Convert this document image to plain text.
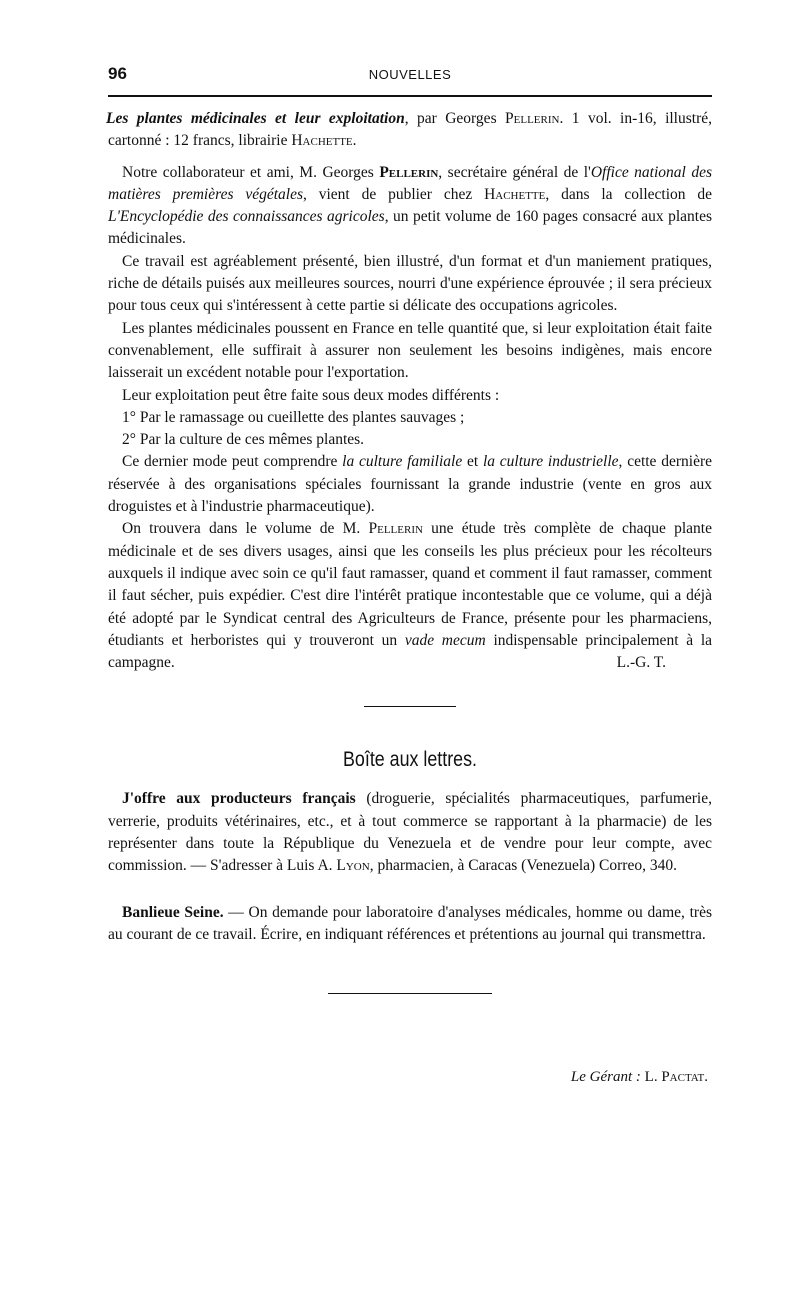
96	NOUVELLES

Les plantes médicinales et leur exploitation, par Georges Pellerin. 1 vol. in-16, illustré, cartonné : 12 francs, librairie Hachette.

Notre collaborateur et ami, M. Georges Pellerin, secrétaire général de l'Office national des matières premières végétales, vient de publier chez Hachette, dans la collection de L'Encyclopédie des connaissances agricoles, un petit volume de 160 pages consacré aux plantes médicinales.

Ce travail est agréablement présenté, bien illustré, d'un format et d'un maniement pratiques, riche de détails puisés aux meilleures sources, nourri d'une expérience éprouvée ; il sera précieux pour tous ceux qui s'intéressent à cette partie si délicate des occupations agricoles.

Les plantes médicinales poussent en France en telle quantité que, si leur exploitation était faite convenablement, elle suffirait à assurer non seulement les besoins indigènes, mais encore laisserait un excédent notable pour l'exportation.

Leur exploitation peut être faite sous deux modes différents :

1° Par le ramassage ou cueillette des plantes sauvages ;

2° Par la culture de ces mêmes plantes.

Ce dernier mode peut comprendre la culture familiale et la culture industrielle, cette dernière réservée à des organisations spéciales fournissant la grande industrie (vente en gros aux droguistes et à l'industrie pharmaceutique).

On trouvera dans le volume de M. Pellerin une étude très complète de chaque plante médicinale et de ses divers usages, ainsi que les conseils les plus précieux pour les récolteurs auxquels il indique avec soin ce qu'il faut ramasser, quand et comment il faut ramasser, comment il faut sécher, puis expédier. C'est dire l'intérêt pratique incontestable que ce volume, qui a déjà été adopté par le Syndicat central des Agriculteurs de France, présente pour les pharmaciens, étudiants et herboristes qui y trouveront un vade mecum indispensable principalement à la campagne.	L.-G. T.

Boîte aux lettres.

J'offre aux producteurs français (droguerie, spécialités pharmaceutiques, parfumerie, verrerie, produits vétérinaires, etc., et à tout commerce se rapportant à la pharmacie) de les représenter dans toute la République du Venezuela et de vendre pour leur compte, avec commission. — S'adresser à Luis A. Lyon, pharmacien, à Caracas (Venezuela) Correo, 340.

Banlieue Seine. — On demande pour laboratoire d'analyses médicales, homme ou dame, très au courant de ce travail. Écrire, en indiquant références et prétentions au journal qui transmettra.

Le Gérant : L. Pactat.
